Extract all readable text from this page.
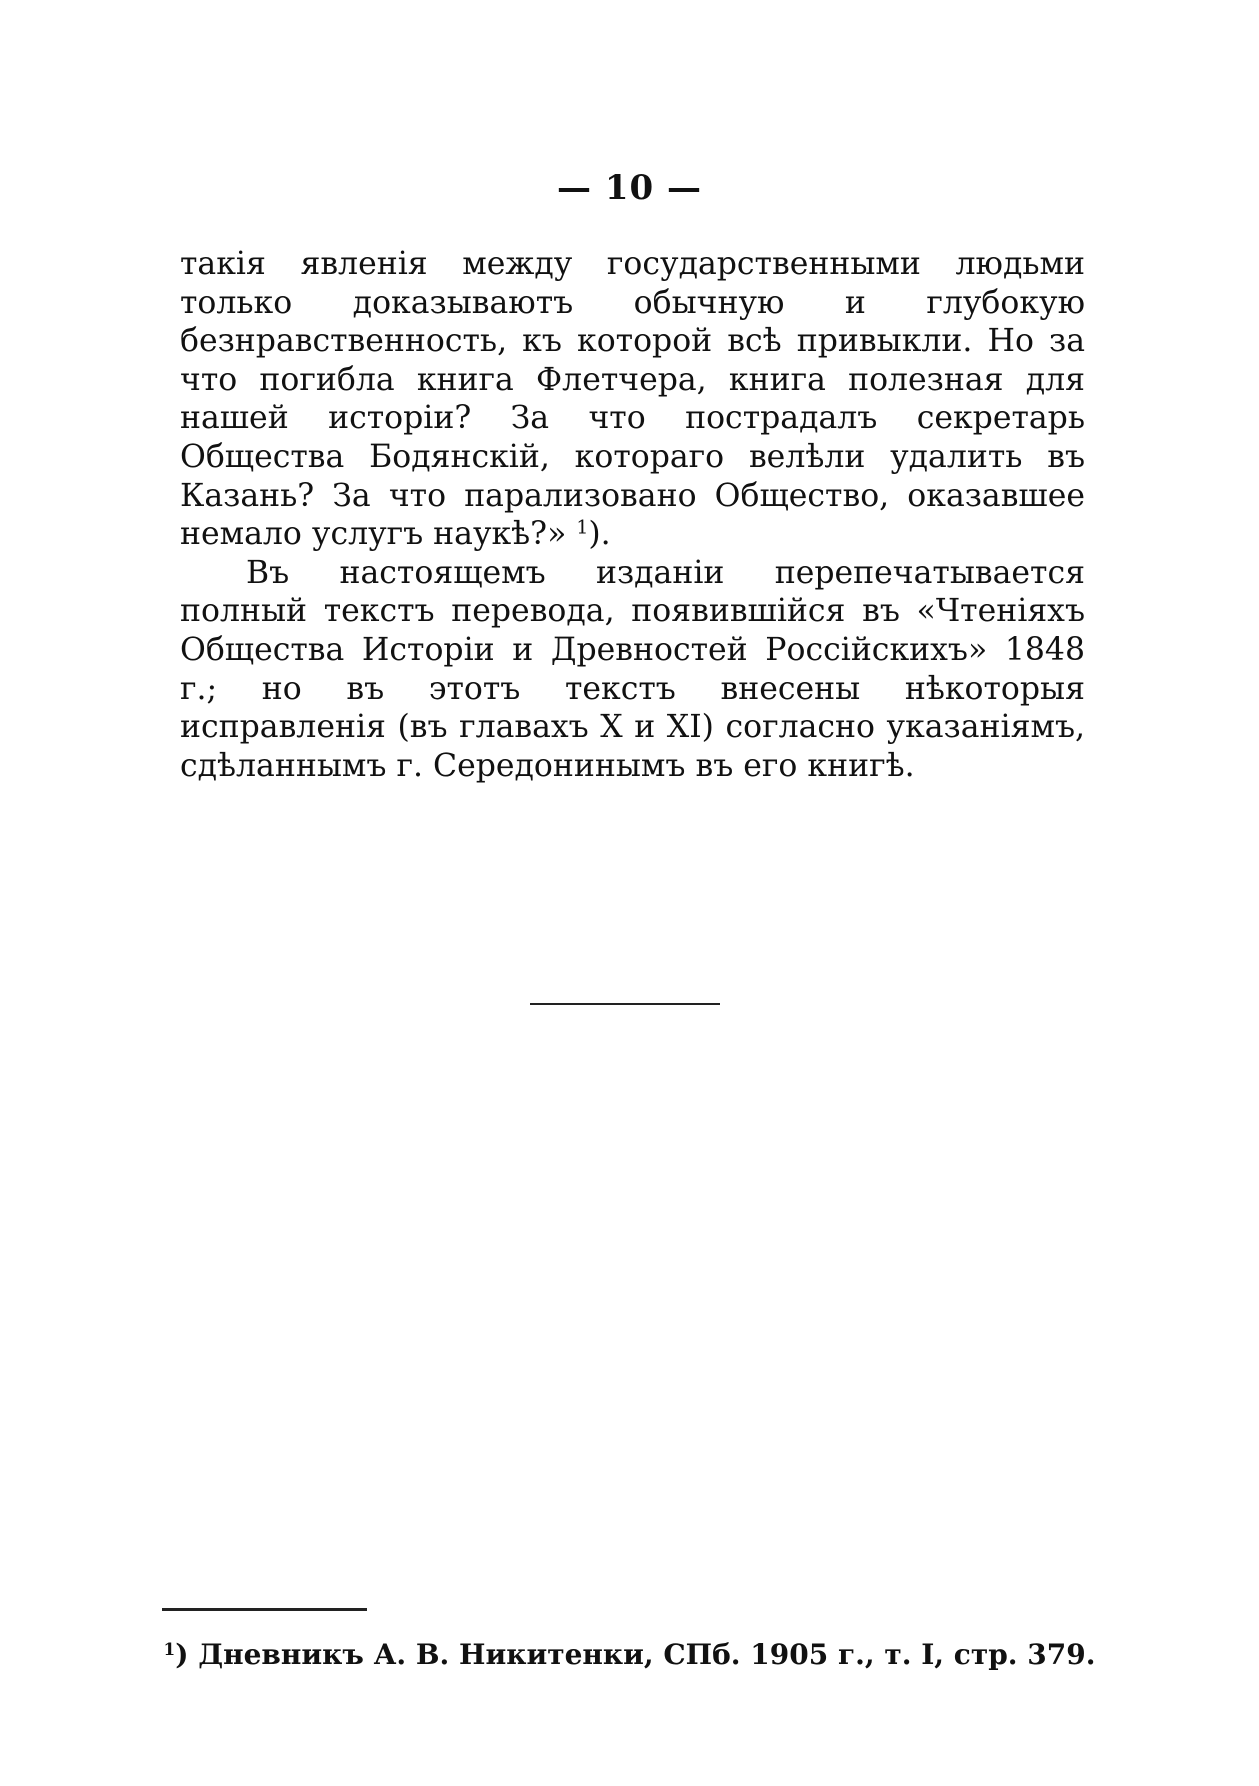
— 10 —

такія явленія между государственными людьми только доказываютъ обычную и глубокую безнравственность, къ которой всѣ привыкли. Но за что погибла книга Флетчера, книга полезная для нашей исторіи? За что пострадалъ секретарь Общества Бодянскій, котораго велѣли удалить въ Казань? За что парализовано Общество, оказавшее немало услугъ наукѣ?» $^1$).

Въ настоящемъ изданіи перепечатывается полный текстъ перевода, появившійся въ «Чтеніяхъ Общества Исторіи и Древностей Россійскихъ» 1848 г.; но въ этотъ текстъ внесены нѣкоторыя исправленія (въ главахъ X и XI) согласно указаніямъ, сдѣланнымъ г. Середонинымъ въ его книгѣ.

$^1$) Дневникъ А. В. Никитенки, СПб. 1905 г., т. I, стр. 379.
